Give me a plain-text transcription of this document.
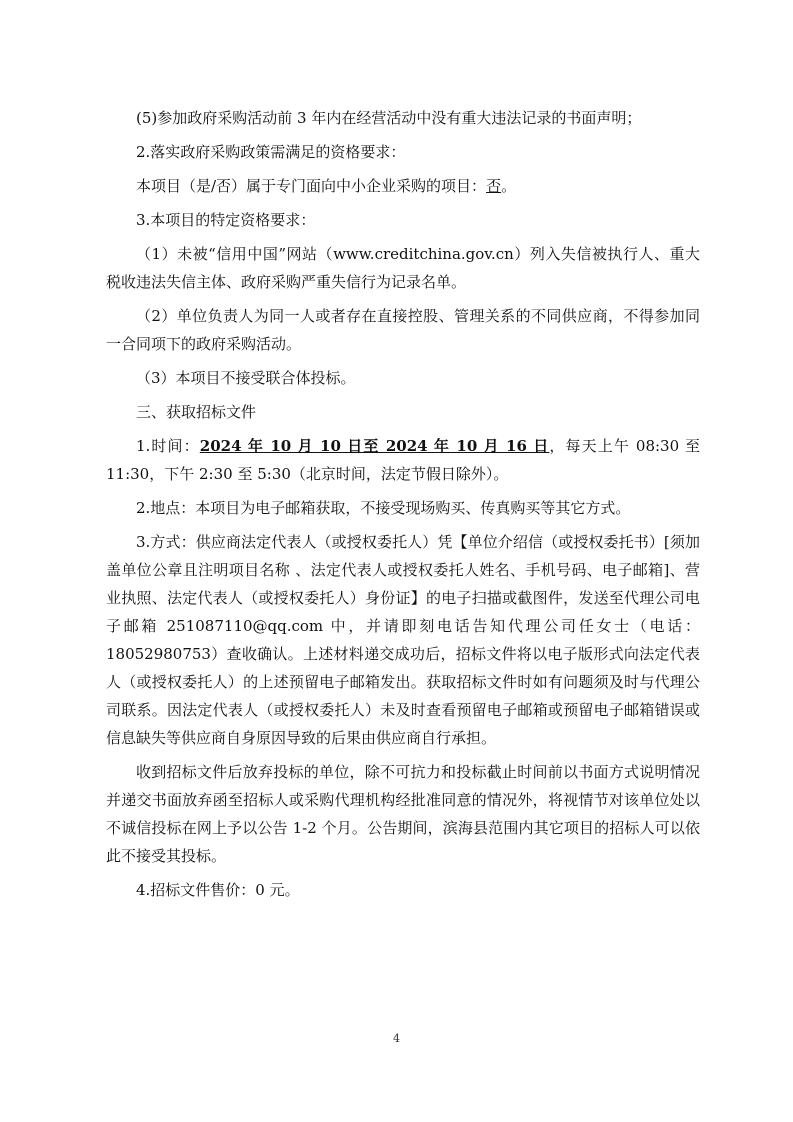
(5)参加政府采购活动前 3 年内在经营活动中没有重大违法记录的书面声明；

2.落实政府采购政策需满足的资格要求：

本项目（是/否）属于专门面向中小企业采购的项目：否。

3.本项目的特定资格要求：

（1）未被“信用中国”网站（www.creditchina.gov.cn）列入失信被执行人、重大税收违法失信主体、政府采购严重失信行为记录名单。

（2）单位负责人为同一人或者存在直接控股、管理关系的不同供应商，不得参加同一合同项下的政府采购活动。

（3）本项目不接受联合体投标。

三、获取招标文件

1.时间：2024 年 10 月 10 日至 2024 年 10 月 16 日，每天上午 08:30 至 11:30，下午 2:30 至 5:30（北京时间，法定节假日除外）。

2.地点：本项目为电子邮箱获取，不接受现场购买、传真购买等其它方式。

3.方式：供应商法定代表人（或授权委托人）凭【单位介绍信（或授权委托书）[须加盖单位公章且注明项目名称 、法定代表人或授权委托人姓名、手机号码、电子邮箱]、营业执照、法定代表人（或授权委托人）身份证】的电子扫描或截图件，发送至代理公司电子邮箱 251087110@qq.com 中，并请即刻电话告知代理公司任女士（电话：18052980753）查收确认。上述材料递交成功后，招标文件将以电子版形式向法定代表人（或授权委托人）的上述预留电子邮箱发出。获取招标文件时如有问题须及时与代理公司联系。因法定代表人（或授权委托人）未及时查看预留电子邮箱或预留电子邮箱错误或信息缺失等供应商自身原因导致的后果由供应商自行承担。

收到招标文件后放弃投标的单位，除不可抗力和投标截止时间前以书面方式说明情况并递交书面放弃函至招标人或采购代理机构经批准同意的情况外，将视情节对该单位处以不诚信投标在网上予以公告 1-2 个月。公告期间，滨海县范围内其它项目的招标人可以依此不接受其投标。

4.招标文件售价：0 元。

4
